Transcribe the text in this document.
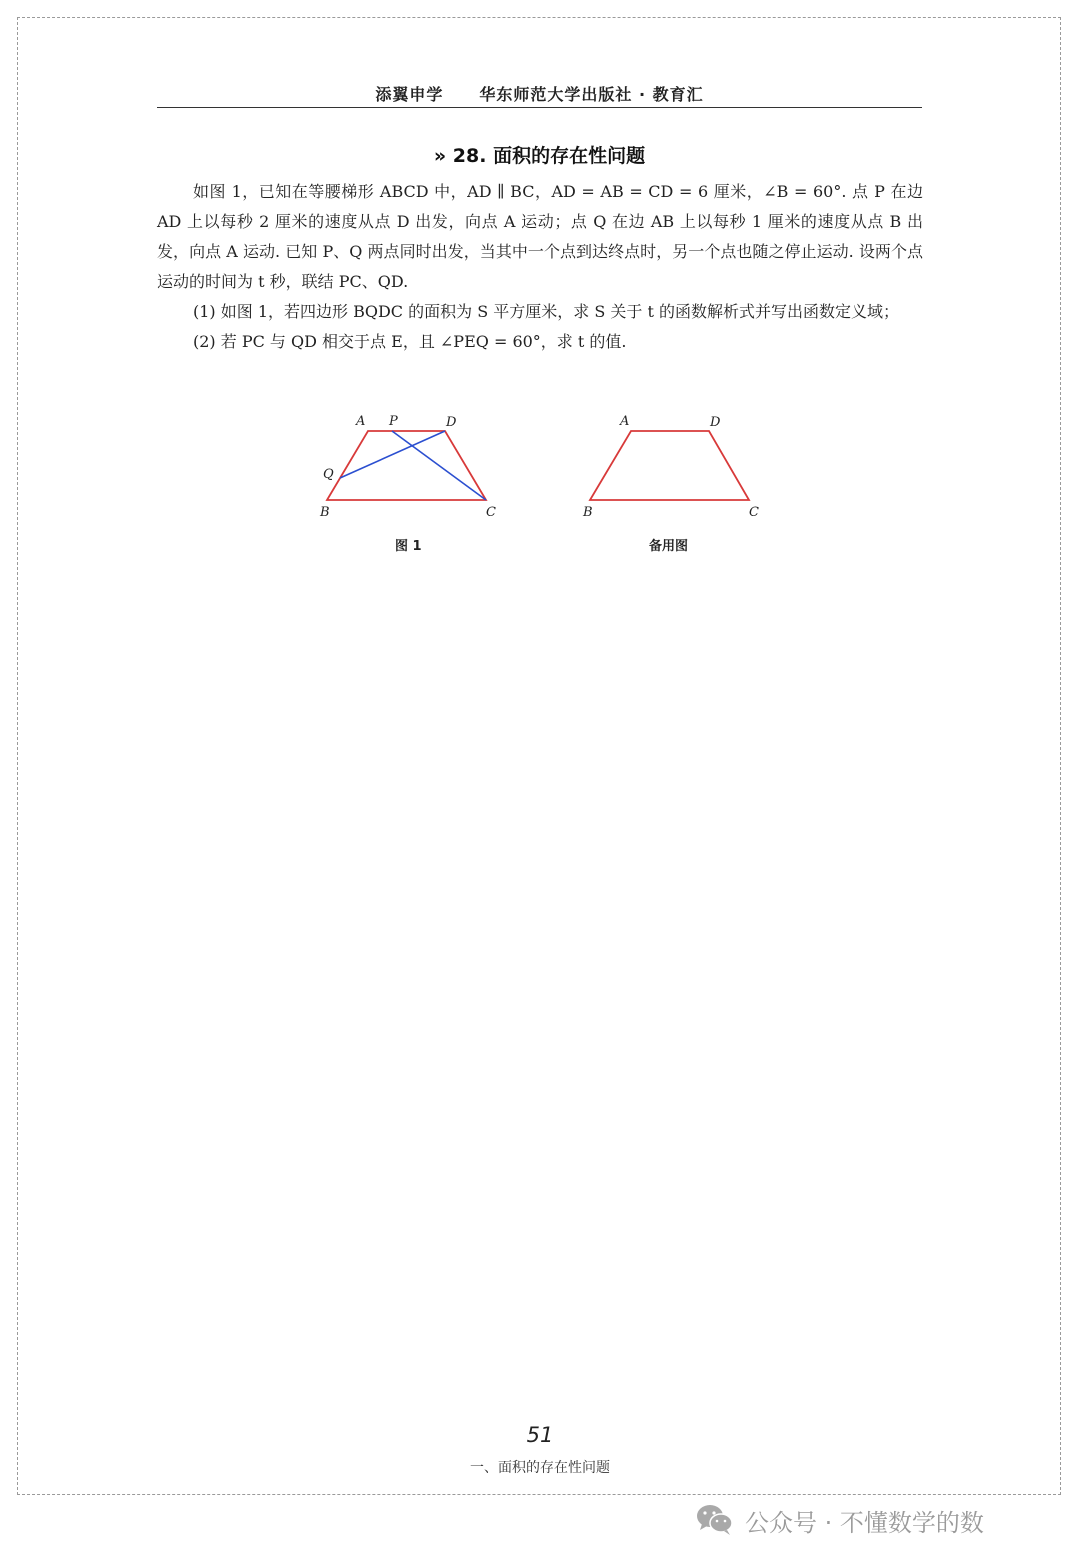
添翼申学 华东师范大学出版社 · 教育汇
» 28. 面积的存在性问题

如图 1，已知在等腰梯形 ABCD 中，AD ∥ BC，AD = AB = CD = 6 厘米，∠B = 60°. 点 P 在边 AD 上以每秒 2 厘米的速度从点 D 出发，向点 A 运动；点 Q 在边 AB 上以每秒 1 厘米的速度从点 B 出发，向点 A 运动. 已知 P、Q 两点同时出发，当其中一个点到达终点时，另一个点也随之停止运动. 设两个点运动的时间为 t 秒，联结 PC、QD.

(1) 如图 1，若四边形 BQDC 的面积为 S 平方厘米，求 S 关于 t 的函数解析式并写出函数定义域；

(2) 若 PC 与 QD 相交于点 E，且 ∠PEQ = 60°，求 t 的值.

A P	D
Q
B	C
A	D
B	C
图 1	备用图
51
一、面积的存在性问题
公众号 · 不懂数学的数
